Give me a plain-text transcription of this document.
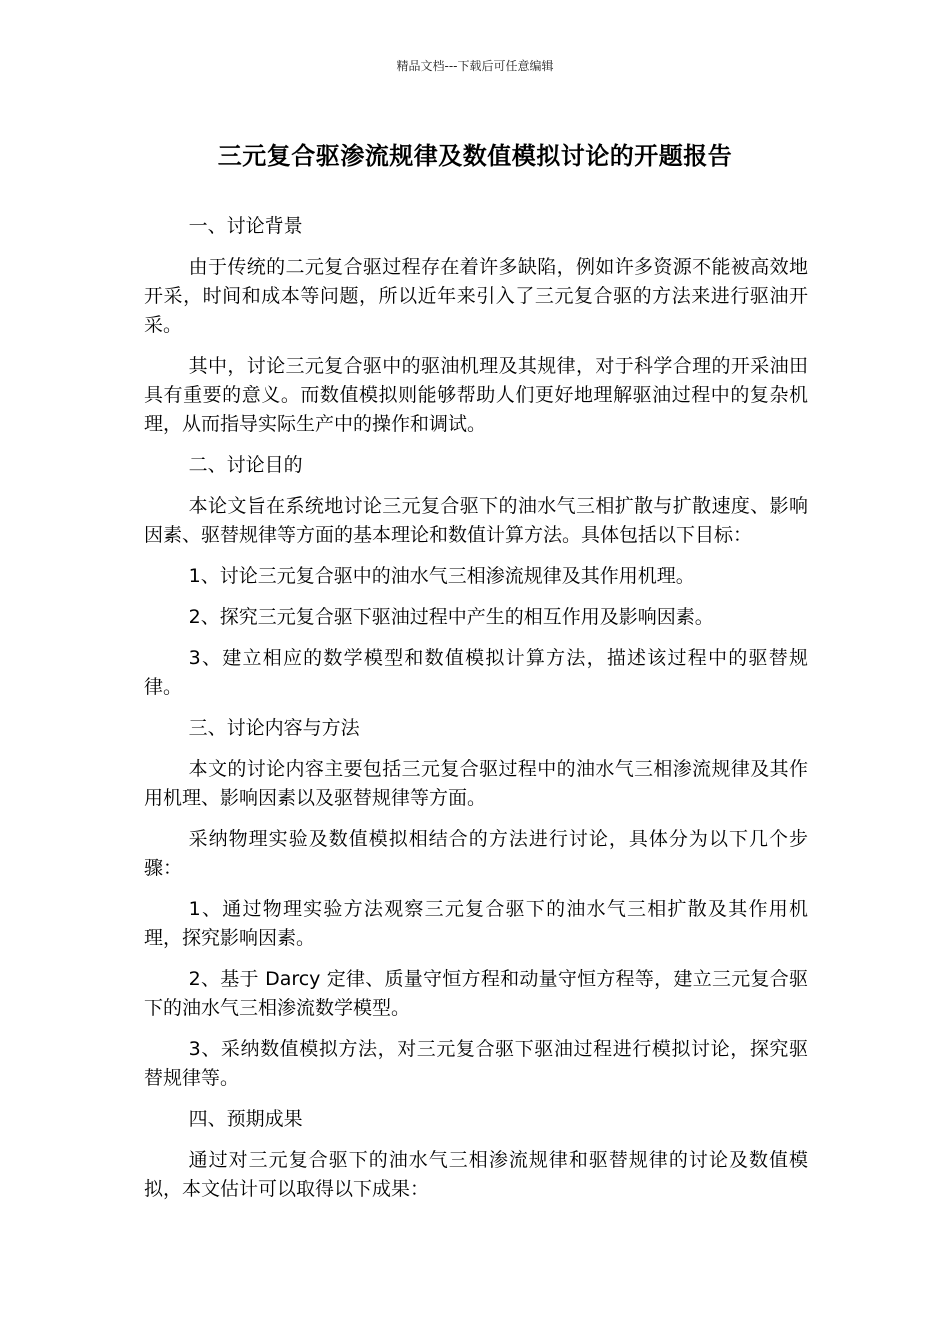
精品文档---下载后可任意编辑
三元复合驱渗流规律及数值模拟讨论的开题报告

一、讨论背景

由于传统的二元复合驱过程存在着许多缺陷，例如许多资源不能被高效地开采，时间和成本等问题，所以近年来引入了三元复合驱的方法来进行驱油开采。

其中，讨论三元复合驱中的驱油机理及其规律，对于科学合理的开采油田具有重要的意义。而数值模拟则能够帮助人们更好地理解驱油过程中的复杂机理，从而指导实际生产中的操作和调试。

二、讨论目的

本论文旨在系统地讨论三元复合驱下的油水气三相扩散与扩散速度、影响因素、驱替规律等方面的基本理论和数值计算方法。具体包括以下目标：

1、讨论三元复合驱中的油水气三相渗流规律及其作用机理。

2、探究三元复合驱下驱油过程中产生的相互作用及影响因素。

3、建立相应的数学模型和数值模拟计算方法，描述该过程中的驱替规律。

三、讨论内容与方法

本文的讨论内容主要包括三元复合驱过程中的油水气三相渗流规律及其作用机理、影响因素以及驱替规律等方面。

采纳物理实验及数值模拟相结合的方法进行讨论，具体分为以下几个步骤：

1、通过物理实验方法观察三元复合驱下的油水气三相扩散及其作用机理，探究影响因素。

2、基于 Darcy 定律、质量守恒方程和动量守恒方程等，建立三元复合驱下的油水气三相渗流数学模型。

3、采纳数值模拟方法，对三元复合驱下驱油过程进行模拟讨论，探究驱替规律等。

四、预期成果

通过对三元复合驱下的油水气三相渗流规律和驱替规律的讨论及数值模拟，本文估计可以取得以下成果：
